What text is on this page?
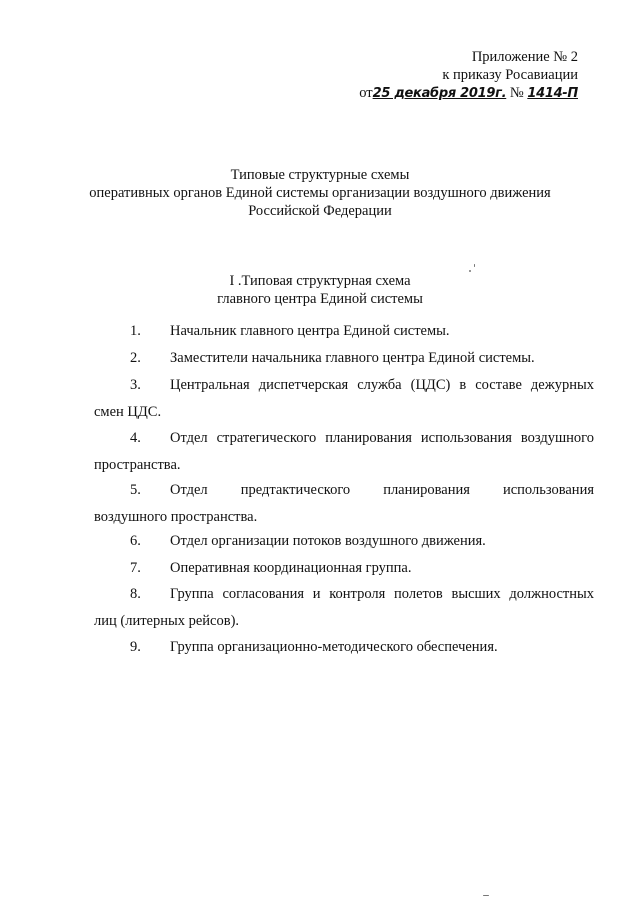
Приложение № 2
к приказу Росавиации
от25 декабря 2019г. № 1414-П
Типовые структурные схемы
оперативных органов Единой системы организации воздушного движения
Российской Федерации
I .Типовая структурная схема
главного центра Единой системы
1.	Начальник главного центра Единой системы.
2.	Заместители начальника главного центра Единой системы.
3.	Центральная диспетчерская служба (ЦДС) в составе дежурных
смен ЦДС.
4.	Отдел стратегического планирования использования воздушного
пространства.
5.	Отдел предтактического планирования использования
воздушного пространства.
6.	Отдел организации потоков воздушного движения.
7.	Оперативная координационная группа.
8.	Группа согласования и контроля полетов высших должностных
лиц (литерных рейсов).
9.	Группа организационно-методического обеспечения.
